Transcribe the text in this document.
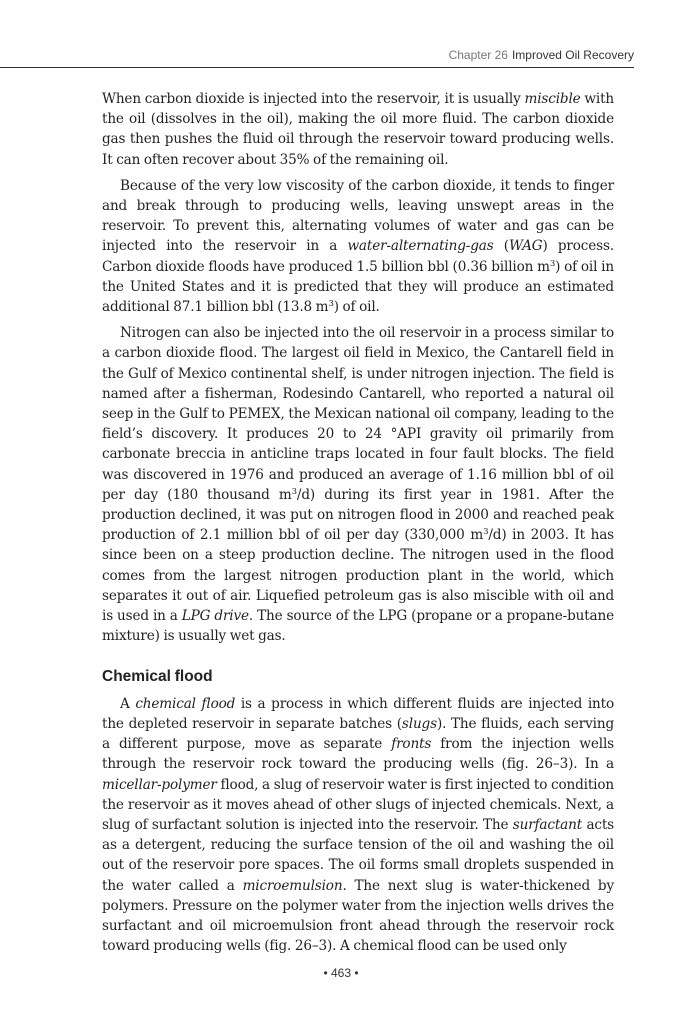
Chapter 26 Improved Oil Recovery

When carbon dioxide is injected into the reservoir, it is usually miscible with the oil (dissolves in the oil), making the oil more fluid. The carbon dioxide gas then pushes the fluid oil through the reservoir toward producing wells. It can often recover about 35% of the remaining oil.

Because of the very low viscosity of the carbon dioxide, it tends to finger and break through to producing wells, leaving unswept areas in the reservoir. To prevent this, alternating volumes of water and gas can be injected into the reservoir in a water-alternating-gas (WAG) process. Carbon dioxide floods have produced 1.5 billion bbl (0.36 billion $m^3$) of oil in the United States and it is predicted that they will produce an estimated additional 87.1 billion bbl (13.8 $m^3$) of oil.

Nitrogen can also be injected into the oil reservoir in a process similar to a carbon dioxide flood. The largest oil field in Mexico, the Cantarell field in the Gulf of Mexico continental shelf, is under nitrogen injection. The field is named after a fisherman, Rodesindo Cantarell, who reported a natural oil seep in the Gulf to PEMEX, the Mexican national oil company, leading to the field’s discovery. It produces 20 to 24 °API gravity oil primarily from carbonate breccia in anticline traps located in four fault blocks. The field was discovered in 1976 and produced an average of 1.16 million bbl of oil per day (180 thousand $m^3/d$) during its first year in 1981. After the production declined, it was put on nitrogen flood in 2000 and reached peak production of 2.1 million bbl of oil per day (330,000 $m^3/d$) in 2003. It has since been on a steep production decline. The nitrogen used in the flood comes from the largest nitrogen production plant in the world, which separates it out of air. Liquefied petroleum gas is also miscible with oil and is used in a LPG drive. The source of the LPG (propane or a propane-butane mixture) is usually wet gas.

Chemical flood

A chemical flood is a process in which different fluids are injected into the depleted reservoir in separate batches (slugs). The fluids, each serving a different purpose, move as separate fronts from the injection wells through the reservoir rock toward the producing wells (fig. 26–3). In a micellar-polymer flood, a slug of reservoir water is first injected to condition the reservoir as it moves ahead of other slugs of injected chemicals. Next, a slug of surfactant solution is injected into the reservoir. The surfactant acts as a detergent, reducing the surface tension of the oil and washing the oil out of the reservoir pore spaces. The oil forms small droplets suspended in the water called a microemulsion. The next slug is water-thickened by polymers. Pressure on the polymer water from the injection wells drives the surfactant and oil microemulsion front ahead through the reservoir rock toward producing wells (fig. 26–3). A chemical flood can be used only

• 463 •
